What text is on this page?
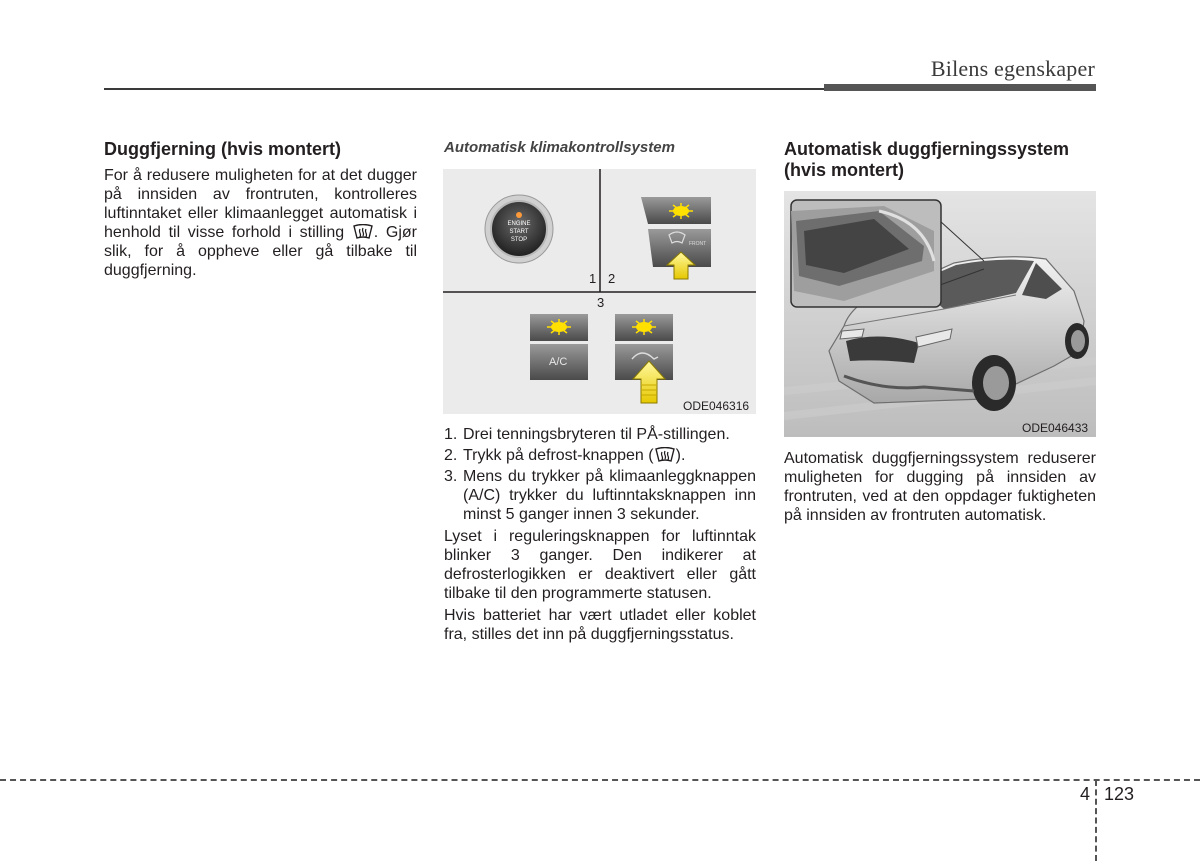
Bilens egenskaper
Duggfjerning (hvis montert)

For å redusere muligheten for at det dugger på innsiden av frontruten, kontrolleres luftinntaket eller klimaanlegget automatisk i henhold til visse forhold i stilling . Gjør slik, for å oppheve eller gå tilbake til duggfjerning.

Automatisk klimakontrollsystem
ENGINE
START
STOP
FRONT
1 2
3
A/C
ODE046316
1. Drei tenningsbryteren til PÅ-stillingen.
2. Trykk på defrost-knappen ( ).
3. Mens du trykker på klimaanleggknappen (A/C) trykker du luftinntaksknappen inn minst 5 ganger innen 3 sekunder.

Lyset i reguleringsknappen for luftinntak blinker 3 ganger. Den indikerer at defrosterlogikken er deaktivert eller gått tilbake til den programmerte statusen.

Hvis batteriet har vært utladet eller koblet fra, stilles det inn på duggfjerningsstatus.

Automatisk duggfjerningssystem (hvis montert)
ODE046433

Automatisk duggfjerningssystem reduserer muligheten for dugging på innsiden av frontruten, ved at den oppdager fuktigheten på innsiden av frontruten automatisk.

4 123
